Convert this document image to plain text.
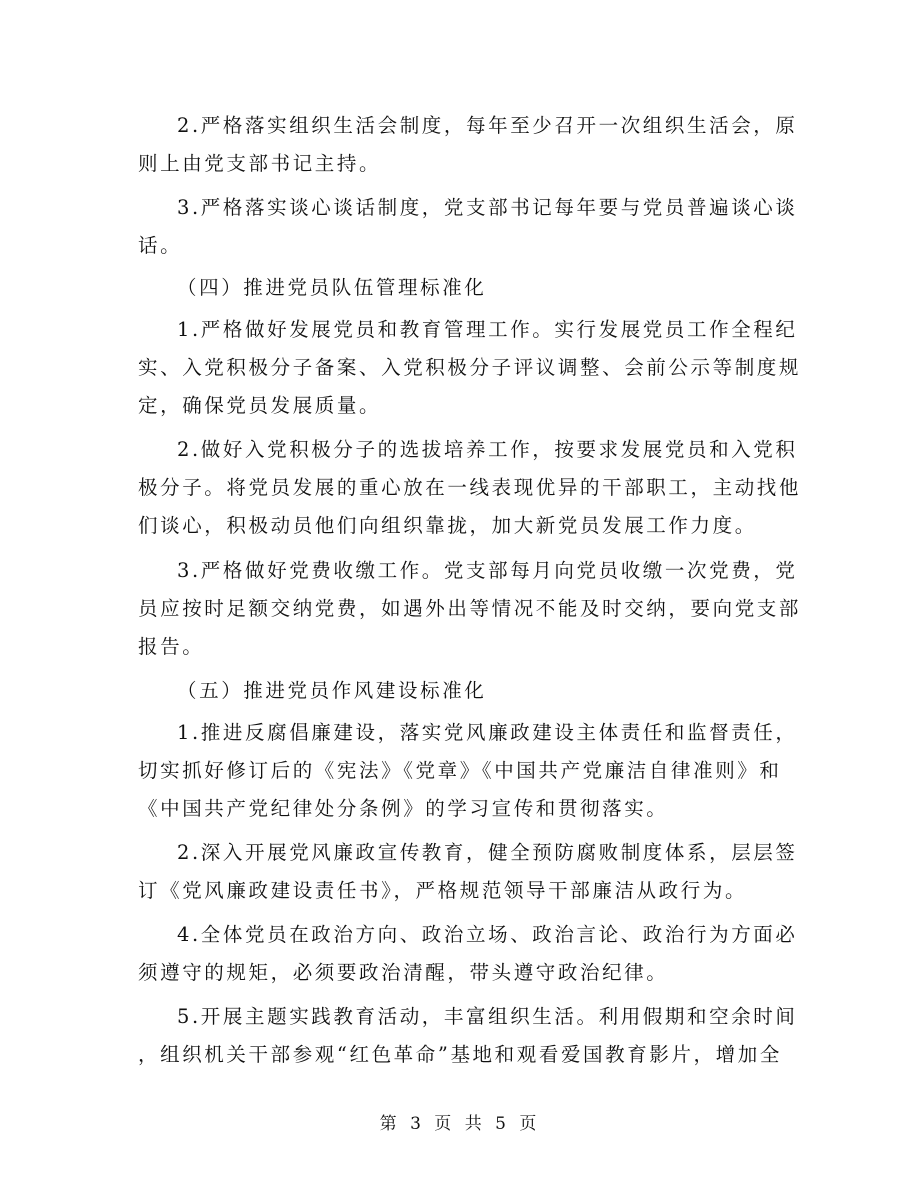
2.严格落实组织生活会制度，每年至少召开一次组织生活会，原
则上由党支部书记主持。
3.严格落实谈心谈话制度，党支部书记每年要与党员普遍谈心谈
话。
（四）推进党员队伍管理标准化
1.严格做好发展党员和教育管理工作。实行发展党员工作全程纪
实、入党积极分子备案、入党积极分子评议调整、会前公示等制度规
定，确保党员发展质量。
2.做好入党积极分子的选拔培养工作，按要求发展党员和入党积
极分子。将党员发展的重心放在一线表现优异的干部职工，主动找他
们谈心，积极动员他们向组织靠拢，加大新党员发展工作力度。
3.严格做好党费收缴工作。党支部每月向党员收缴一次党费，党
员应按时足额交纳党费，如遇外出等情况不能及时交纳，要向党支部
报告。
（五）推进党员作风建设标准化
1.推进反腐倡廉建设，落实党风廉政建设主体责任和监督责任，
切实抓好修订后的《宪法》《党章》《中国共产党廉洁自律准则》和
《中国共产党纪律处分条例》的学习宣传和贯彻落实。
2.深入开展党风廉政宣传教育，健全预防腐败制度体系，层层签
订《党风廉政建设责任书》，严格规范领导干部廉洁从政行为。
4.全体党员在政治方向、政治立场、政治言论、政治行为方面必
须遵守的规矩，必须要政治清醒，带头遵守政治纪律。
5.开展主题实践教育活动，丰富组织生活。利用假期和空余时间
，组织机关干部参观“红色革命”基地和观看爱国教育影片，增加全
第 3 页 共 5 页
